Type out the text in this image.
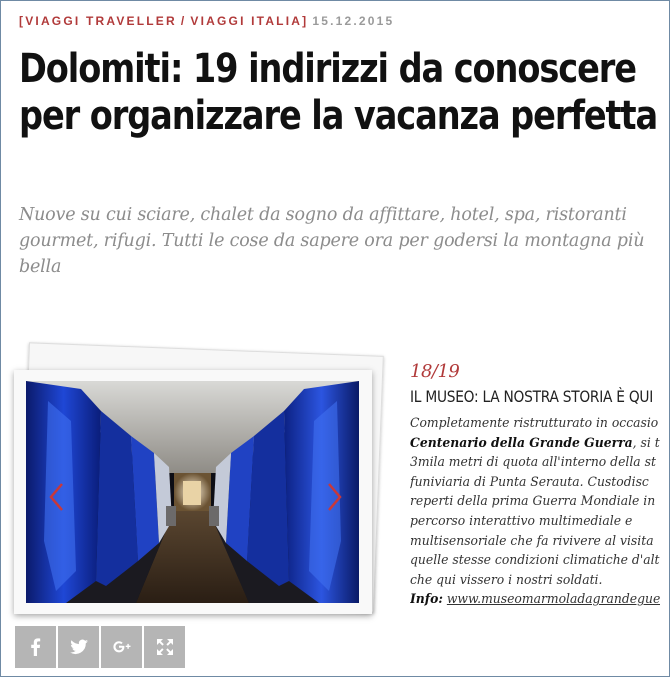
[VIAGGI TRAVELLER / VIAGGI ITALIA] 15.12.2015
Dolomiti: 19 indirizzi da conoscere per organizzare la vacanza perfetta

Nuove su cui sciare, chalet da sogno da affittare, hotel, spa, ristoranti gourmet, rifugi. Tutti le cose da sapere ora per godersi la montagna più bella

18/19
IL MUSEO: LA NOSTRA STORIA È QUI
Completamente ristrutturato in occasio
Centenario della Grande Guerra, si t
3mila metri di quota all'interno della st
funiviaria di Punta Serauta. Custodisc
reperti della prima Guerra Mondiale in
percorso interattivo multimediale e
multisensoriale che fa rivivere al visita
quelle stesse condizioni climatiche d'alt
che qui vissero i nostri soldati.
Info: www.museomarmoladagrandegue
